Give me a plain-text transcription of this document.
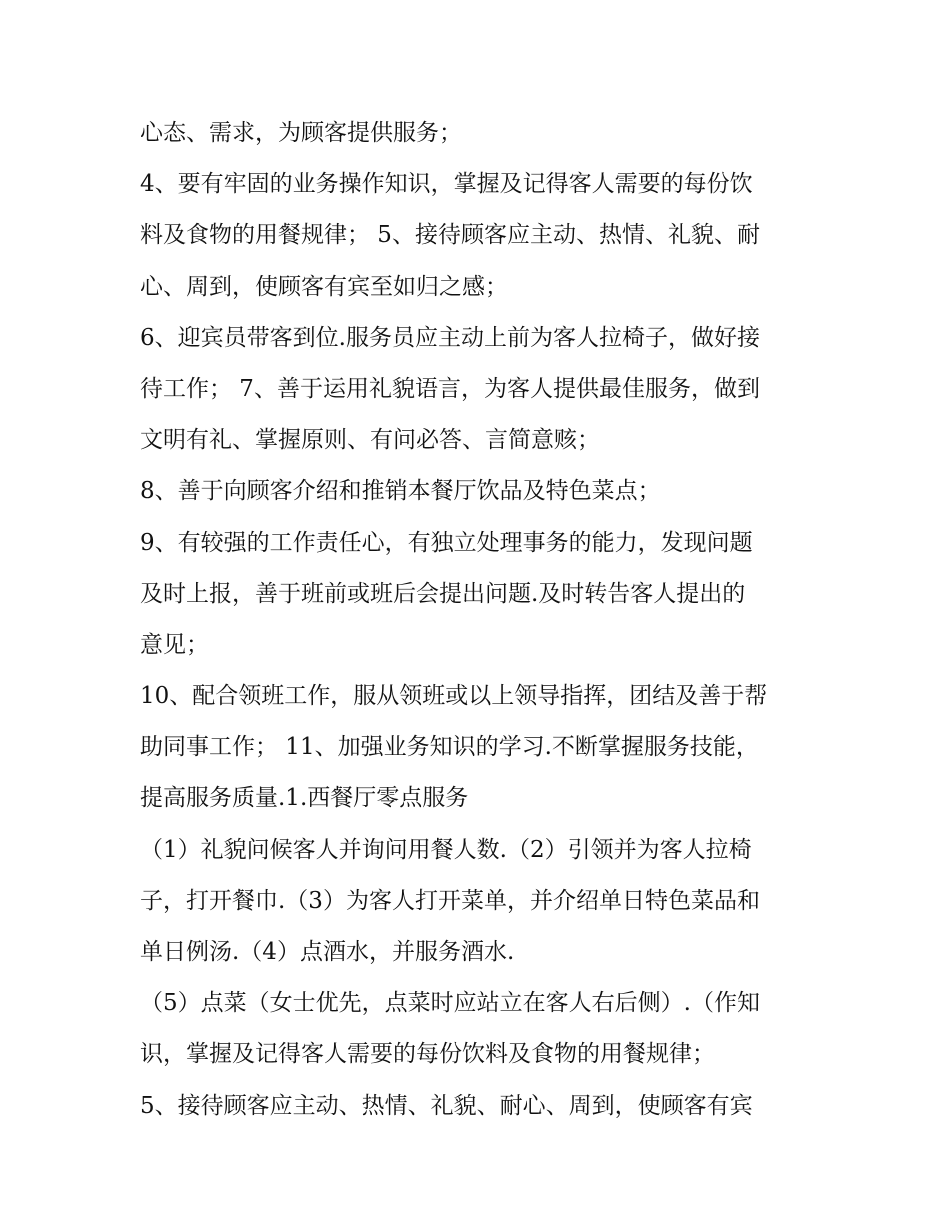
心态、需求，为顾客提供服务；
4、要有牢固的业务操作知识，掌握及记得客人需要的每份饮
料及食物的用餐规律； 5、接待顾客应主动、热情、礼貌、耐
心、周到，使顾客有宾至如归之感；
6、迎宾员带客到位.服务员应主动上前为客人拉椅子，做好接
待工作； 7、善于运用礼貌语言，为客人提供最佳服务，做到
文明有礼、掌握原则、有问必答、言简意赅；
8、善于向顾客介绍和推销本餐厅饮品及特色菜点；
9、有较强的工作责任心，有独立处理事务的能力，发现问题
及时上报，善于班前或班后会提出问题.及时转告客人提出的
意见；
10、配合领班工作，服从领班或以上领导指挥，团结及善于帮
助同事工作； 11、加强业务知识的学习.不断掌握服务技能，
提高服务质量.1.西餐厅零点服务
（1）礼貌问候客人并询问用餐人数.（2）引领并为客人拉椅
子，打开餐巾.（3）为客人打开菜单，并介绍单日特色菜品和
单日例汤.（4）点酒水，并服务酒水.
（5）点菜（女士优先，点菜时应站立在客人右后侧）.（作知
识，掌握及记得客人需要的每份饮料及食物的用餐规律；
5、接待顾客应主动、热情、礼貌、耐心、周到，使顾客有宾
